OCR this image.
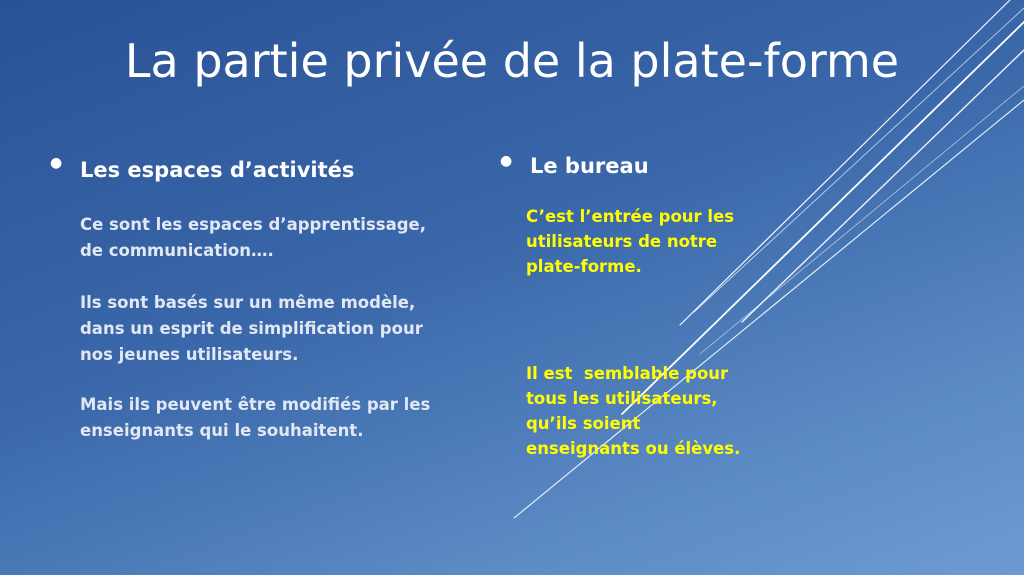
La partie privée de la plate-forme
● Les espaces d’activités
Ce sont les espaces d’apprentissage,
de communication….
Ils sont basés sur un même modèle,
dans un esprit de simplification pour
nos jeunes utilisateurs.
Mais ils peuvent être modifiés par les
enseignants qui le souhaitent.
● Le bureau
C’est l’entrée pour les
utilisateurs de notre
plate-forme.
Il est  semblable pour
tous les utilisateurs,
qu’ils soient
enseignants ou élèves.
